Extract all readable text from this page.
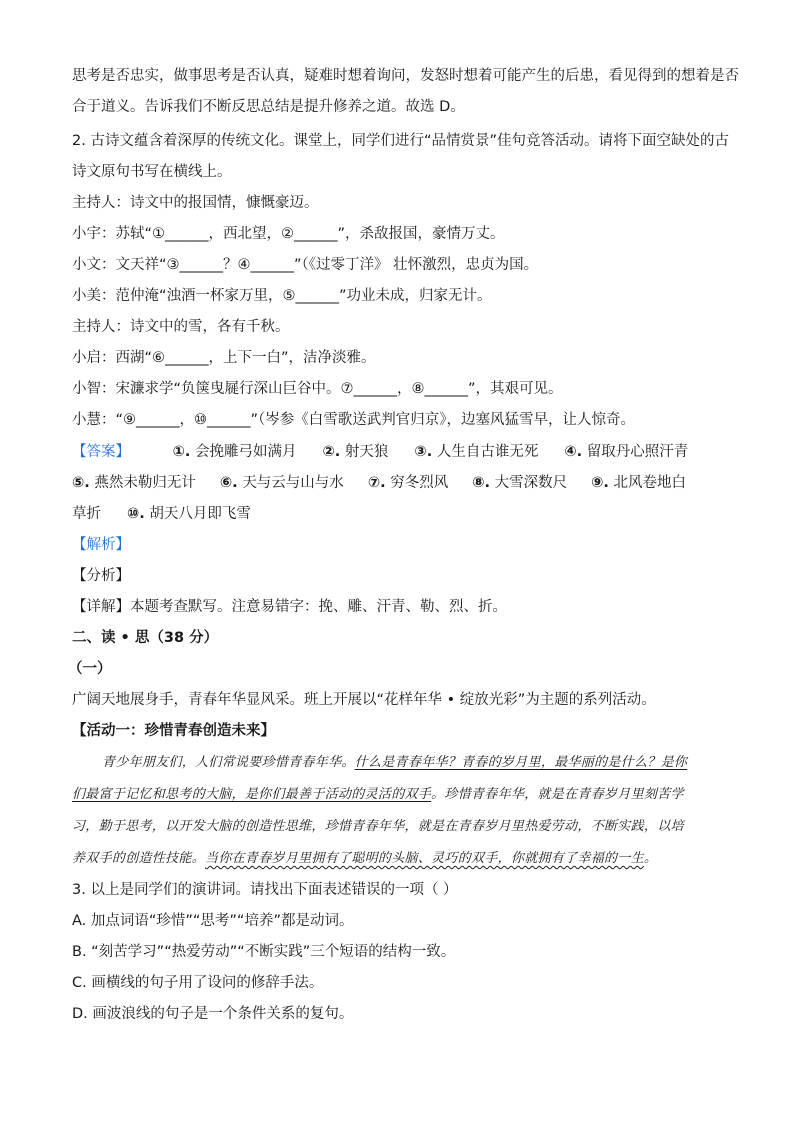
思考是否忠实，做事思考是否认真，疑难时想着询问，发怒时想着可能产生的后患，看见得到的想着是否
合于道义。告诉我们不断反思总结是提升修养之道。故选 D。
2. 古诗文蕴含着深厚的传统文化。课堂上，同学们进行“品情赏景”佳句竞答活动。请将下面空缺处的古
诗文原句书写在横线上。
主持人：诗文中的报国情，慷慨豪迈。
小宇：苏轼“①______，西北望，②______”，杀敌报国，豪情万丈。
小文：文天祥“③______？④______”（《过零丁洋》 壮怀激烈，忠贞为国。
小美：范仲淹“浊酒一杯家万里，⑤______”功业未成，归家无计。
主持人：诗文中的雪，各有千秋。
小启：西湖“⑥______，上下一白”，洁净淡雅。
小智：宋濂求学“负箧曳屣行深山巨谷中。⑦______，⑧______”，其艰可见。
小慧：“⑨______，⑩______”（岑参《白雪歌送武判官归京》，边塞风猛雪早，让人惊奇。
【答案】	①. 会挽雕弓如满月 ②. 射天狼 ③. 人生自古谁无死 ④. 留取丹心照汗青
⑤. 燕然未勒归无计 ⑥. 天与云与山与水 ⑦. 穷冬烈风 ⑧. 大雪深数尺 ⑨. 北风卷地白
草折 ⑩. 胡天八月即飞雪
【解析】
【分析】
【详解】本题考查默写。注意易错字：挽、雕、汗青、勒、烈、折。
二、读 • 思（38 分）
（一）
广阔天地展身手，青春年华显风采。班上开展以“花样年华 • 绽放光彩”为主题的系列活动。
【活动一：珍惜青春创造未来】
青少年朋友们，人们常说要珍惜青春年华。什么是青春年华？青春的岁月里，最华丽的是什么？是你
们最富于记忆和思考的大脑，是你们最善于活动的灵活的双手。珍惜青春年华，就是在青春岁月里刻苦学
习，勤于思考，以开发大脑的创造性思维，珍惜青春年华，就是在青春岁月里热爱劳动，不断实践，以培
养双手的创造性技能。当你在青春岁月里拥有了聪明的头脑、灵巧的双手，你就拥有了幸福的一生。
3. 以上是同学们的演讲词。请找出下面表述错误的一项（ ）
A. 加点词语“珍惜”“思考”“培养”都是动词。
B. “刻苦学习”“热爱劳动”“不断实践”三个短语的结构一致。
C. 画横线的句子用了设问的修辞手法。
D. 画波浪线的句子是一个条件关系的复句。
